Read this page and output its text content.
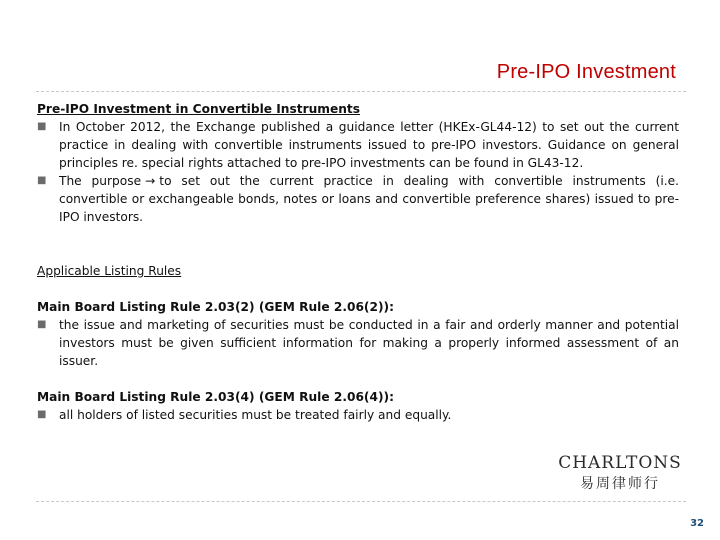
Pre-IPO Investment
Pre-IPO Investment in Convertible Instruments
■ In October 2012, the Exchange published a guidance letter (HKEx-GL44-12) to set out the current practice in dealing with convertible instruments issued to pre-IPO investors. Guidance on general principles re. special rights attached to pre-IPO investments can be found in GL43-12.
■ The purpose → to set out the current practice in dealing with convertible instruments (i.e. convertible or exchangeable bonds, notes or loans and convertible preference shares) issued to pre-IPO investors.
Applicable Listing Rules
Main Board Listing Rule 2.03(2) (GEM Rule 2.06(2)):
■ the issue and marketing of securities must be conducted in a fair and orderly manner and potential investors must be given sufficient information for making a properly informed assessment of an issuer.
Main Board Listing Rule 2.03(4) (GEM Rule 2.06(4)):
■ all holders of listed securities must be treated fairly and equally.
CHARLTONS
易周律师行
32
